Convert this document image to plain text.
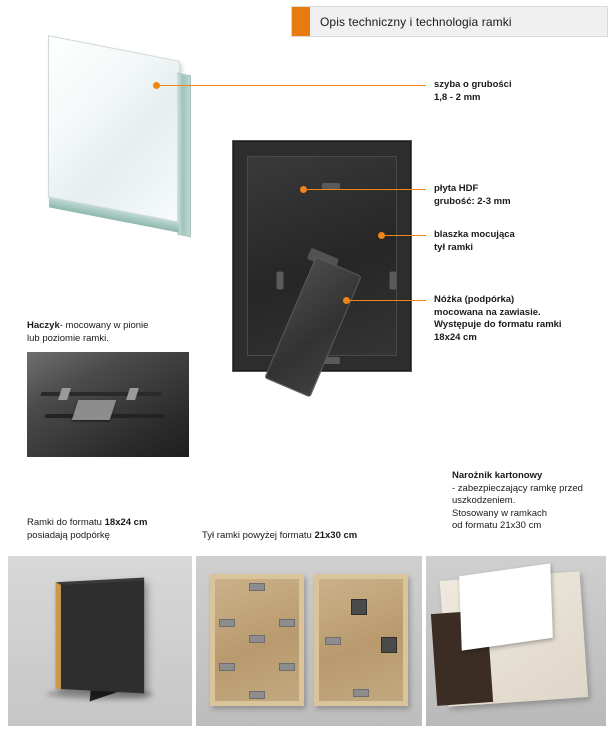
Opis techniczny i technologia ramki
szyba o grubości
1,8 - 2 mm
płyta HDF
grubość: 2-3 mm
blaszka mocująca
tył ramki
Nóżka (podpórka)
mocowana na zawiasie.
Występuje do formatu ramki
18x24 cm
Haczyk- mocowany w pionie
lub poziomie ramki.
Narożnik kartonowy
- zabezpieczający ramkę przed
uszkodzeniem.
Stosowany w ramkach
od formatu 21x30 cm
Ramki do formatu 18x24 cm
posiadają podpórkę	Tył ramki powyżej formatu 21x30 cm
